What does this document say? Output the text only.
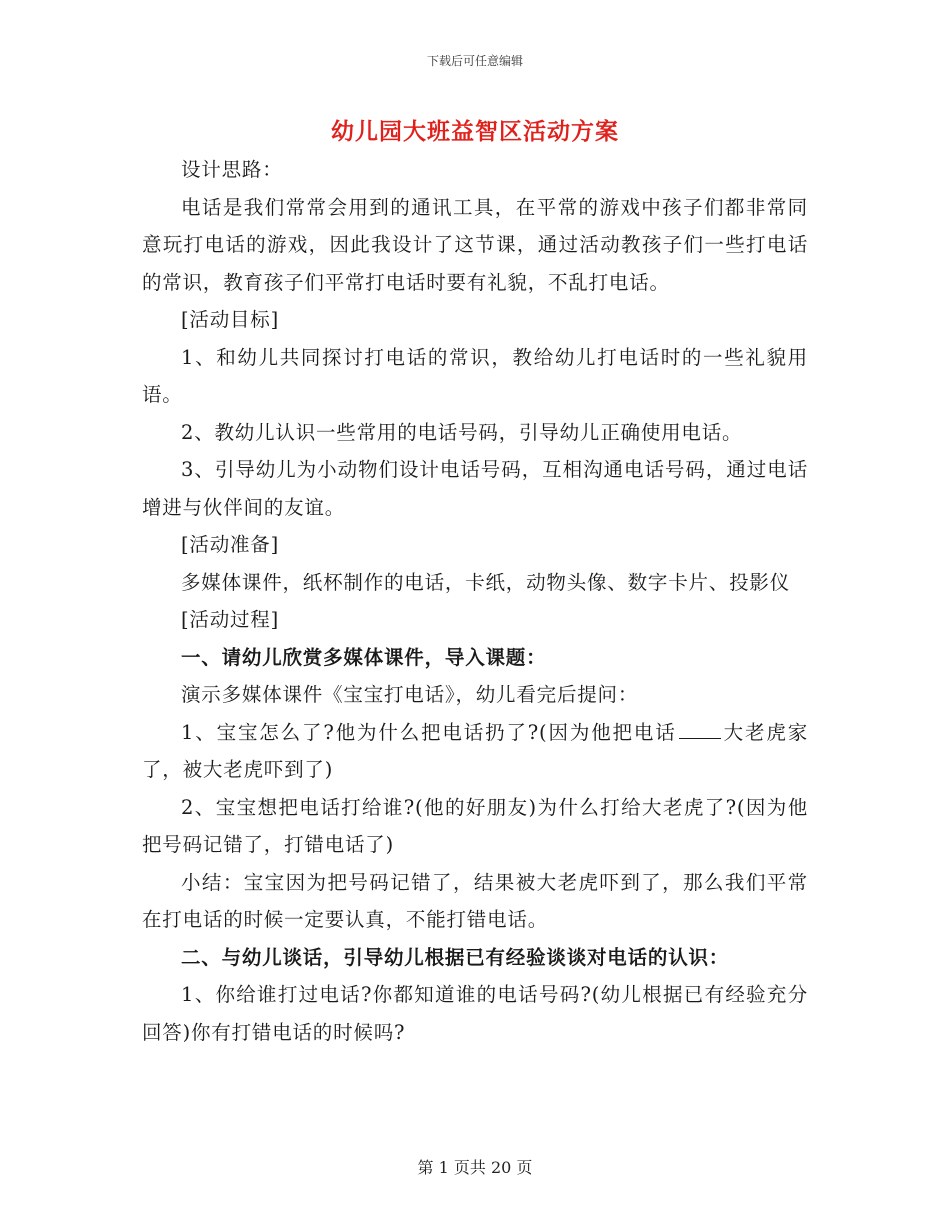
下载后可任意编辑
幼儿园大班益智区活动方案

设计思路：

电话是我们常常会用到的通讯工具，在平常的游戏中孩子们都非常同意玩打电话的游戏，因此我设计了这节课，通过活动教孩子们一些打电话的常识，教育孩子们平常打电话时要有礼貌，不乱打电话。

[活动目标]

1、和幼儿共同探讨打电话的常识，教给幼儿打电话时的一些礼貌用语。

2、教幼儿认识一些常用的电话号码，引导幼儿正确使用电话。

3、引导幼儿为小动物们设计电话号码，互相沟通电话号码，通过电话增进与伙伴间的友谊。

[活动准备]

多媒体课件，纸杯制作的电话，卡纸，动物头像、数字卡片、投影仪

[活动过程]

一、请幼儿欣赏多媒体课件，导入课题：

演示多媒体课件《宝宝打电话》，幼儿看完后提问：

1、宝宝怎么了?他为什么把电话扔了?(因为他把电话 大老虎家了，被大老虎吓到了)

2、宝宝想把电话打给谁?(他的好朋友)为什么打给大老虎了?(因为他把号码记错了，打错电话了)

小结：宝宝因为把号码记错了，结果被大老虎吓到了，那么我们平常在打电话的时候一定要认真，不能打错电话。

二、与幼儿谈话，引导幼儿根据已有经验谈谈对电话的认识：

1、你给谁打过电话?你都知道谁的电话号码?(幼儿根据已有经验充分回答)你有打错电话的时候吗?

第 1 页共 20 页
